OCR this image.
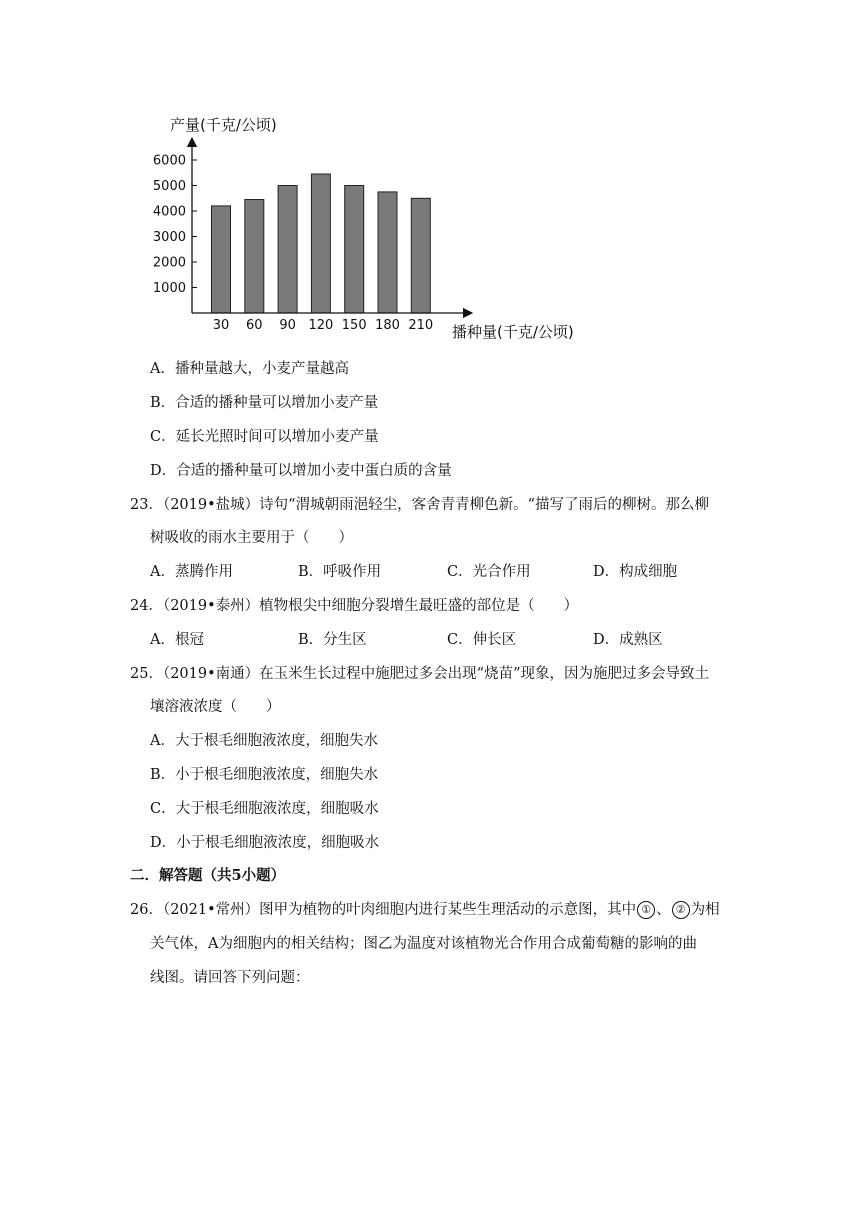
产量(千克/公顷)
播种量(千克/公顷)
1000
2000
3000
4000
5000
6000
30 60 90 120 150 180 210
A．播种量越大，小麦产量越高
B．合适的播种量可以增加小麦产量
C．延长光照时间可以增加小麦产量
D．合适的播种量可以增加小麦中蛋白质的含量
23．（2019•盐城）诗句“渭城朝雨浥轻尘，客舍青青柳色新。“描写了雨后的柳树。那么柳
树吸收的雨水主要用于（　　）
A．蒸腾作用	B．呼吸作用	C．光合作用	D．构成细胞
24．（2019•泰州）植物根尖中细胞分裂增生最旺盛的部位是（　　）
A．根冠	B．分生区	C．伸长区	D．成熟区
25．（2019•南通）在玉米生长过程中施肥过多会出现“烧苗”现象，因为施肥过多会导致土
壤溶液浓度（　　）
A．大于根毛细胞液浓度，细胞失水
B．小于根毛细胞液浓度，细胞失水
C．大于根毛细胞液浓度，细胞吸水
D．小于根毛细胞液浓度，细胞吸水
二．解答题（共5小题）
26．（2021•常州）图甲为植物的叶肉细胞内进行某些生理活动的示意图，其中 ① 、 ② 为相
关气体，A为细胞内的相关结构；图乙为温度对该植物光合作用合成葡萄糖的影响的曲
线图。请回答下列问题：
